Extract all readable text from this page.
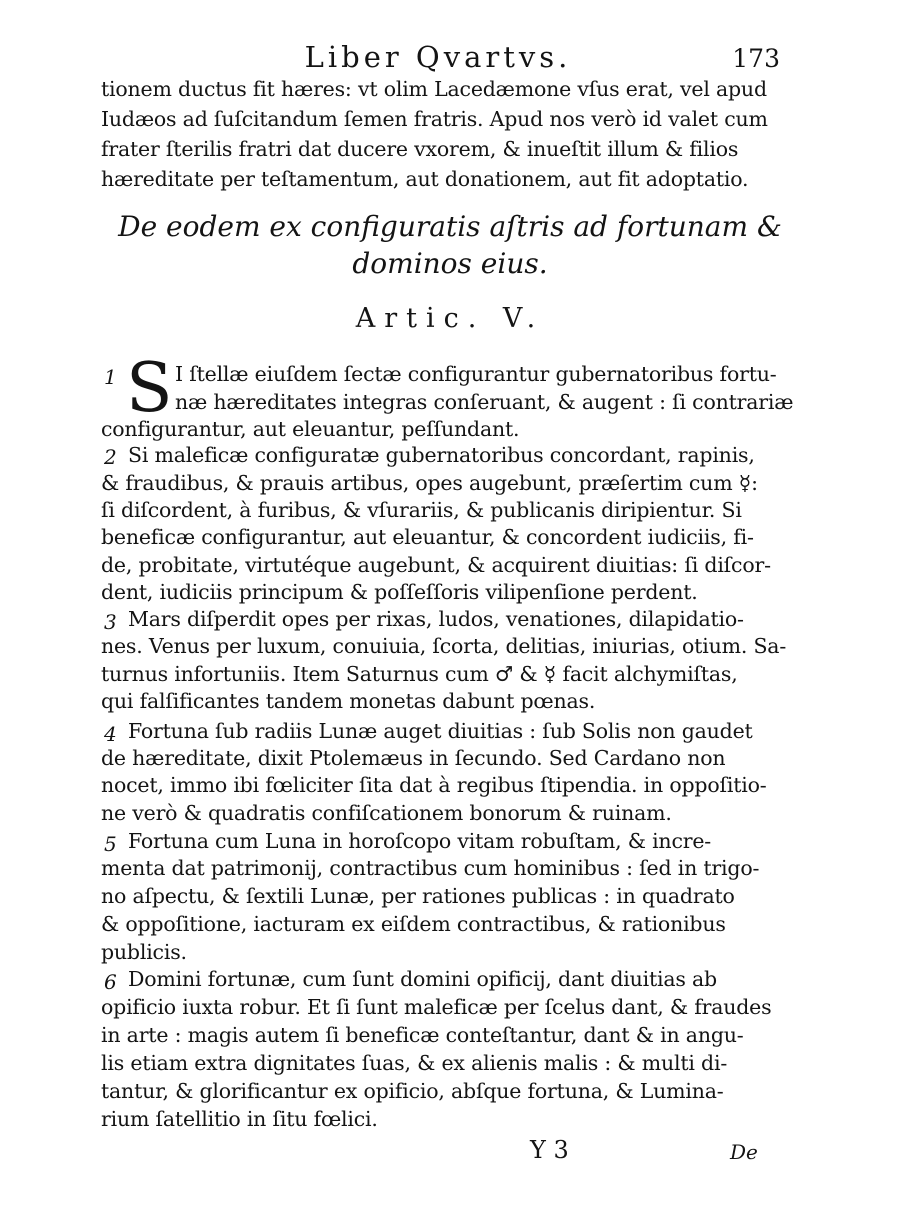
Liber Qvartvs.	173
tionem ductus fit hæres: vt olim Lacedæmone vſus erat, vel apud
Iudæos ad ſuſcitandum ſemen fratris. Apud nos verò id valet cum
frater ſterilis fratri dat ducere vxorem, & inueſtit illum & filios
hæreditate per teſtamentum, aut donationem, aut fit adoptatio.
De eodem ex configuratis aſtris ad fortunam &
dominos eius.
Artic. V.
S
1
2
3
4
5
6
I ſtellæ eiuſdem ſectæ configurantur gubernatoribus fortu-
næ hæreditates integras conſeruant, & augent : ſi contrariæ
configurantur, aut eleuantur, peſſundant.
Si maleficæ configuratæ gubernatoribus concordant, rapinis,
& fraudibus, & prauis artibus, opes augebunt, præſertim cum ☿:
ſi diſcordent, à furibus, & vſurariis, & publicanis diripientur. Si
beneficæ configurantur, aut eleuantur, & concordent iudiciis, fi-
de, probitate, virtutéque augebunt, & acquirent diuitias: ſi diſcor-
dent, iudiciis principum & poſſeſſoris vilipenſione perdent.
Mars diſperdit opes per rixas, ludos, venationes, dilapidatio-
nes. Venus per luxum, conuiuia, ſcorta, delitias, iniurias, otium. Sa-
turnus infortuniis. Item Saturnus cum ♂ & ☿ facit alchymiſtas,
qui falſificantes tandem monetas dabunt pœnas.
Fortuna ſub radiis Lunæ auget diuitias : ſub Solis non gaudet
de hæreditate, dixit Ptolemæus in ſecundo. Sed Cardano non
nocet, immo ibi fœliciter ſita dat à regibus ſtipendia. in oppoſitio-
ne verò & quadratis confiſcationem bonorum & ruinam.
Fortuna cum Luna in horoſcopo vitam robuſtam, & incre-
menta dat patrimonij, contractibus cum hominibus : ſed in trigo-
no aſpectu, & ſextili Lunæ, per rationes publicas : in quadrato
& oppoſitione, iacturam ex eiſdem contractibus, & rationibus
publicis.
Domini fortunæ, cum ſunt domini opificij, dant diuitias ab
opificio iuxta robur. Et ſi ſunt maleficæ per ſcelus dant, & fraudes
in arte : magis autem ſi beneficæ conteſtantur, dant & in angu-
lis etiam extra dignitates ſuas, & ex alienis malis : & multi di-
tantur, & glorificantur ex opificio, abſque fortuna, & Lumina-
rium ſatellitio in ſitu fœlici.
Y 3	De
